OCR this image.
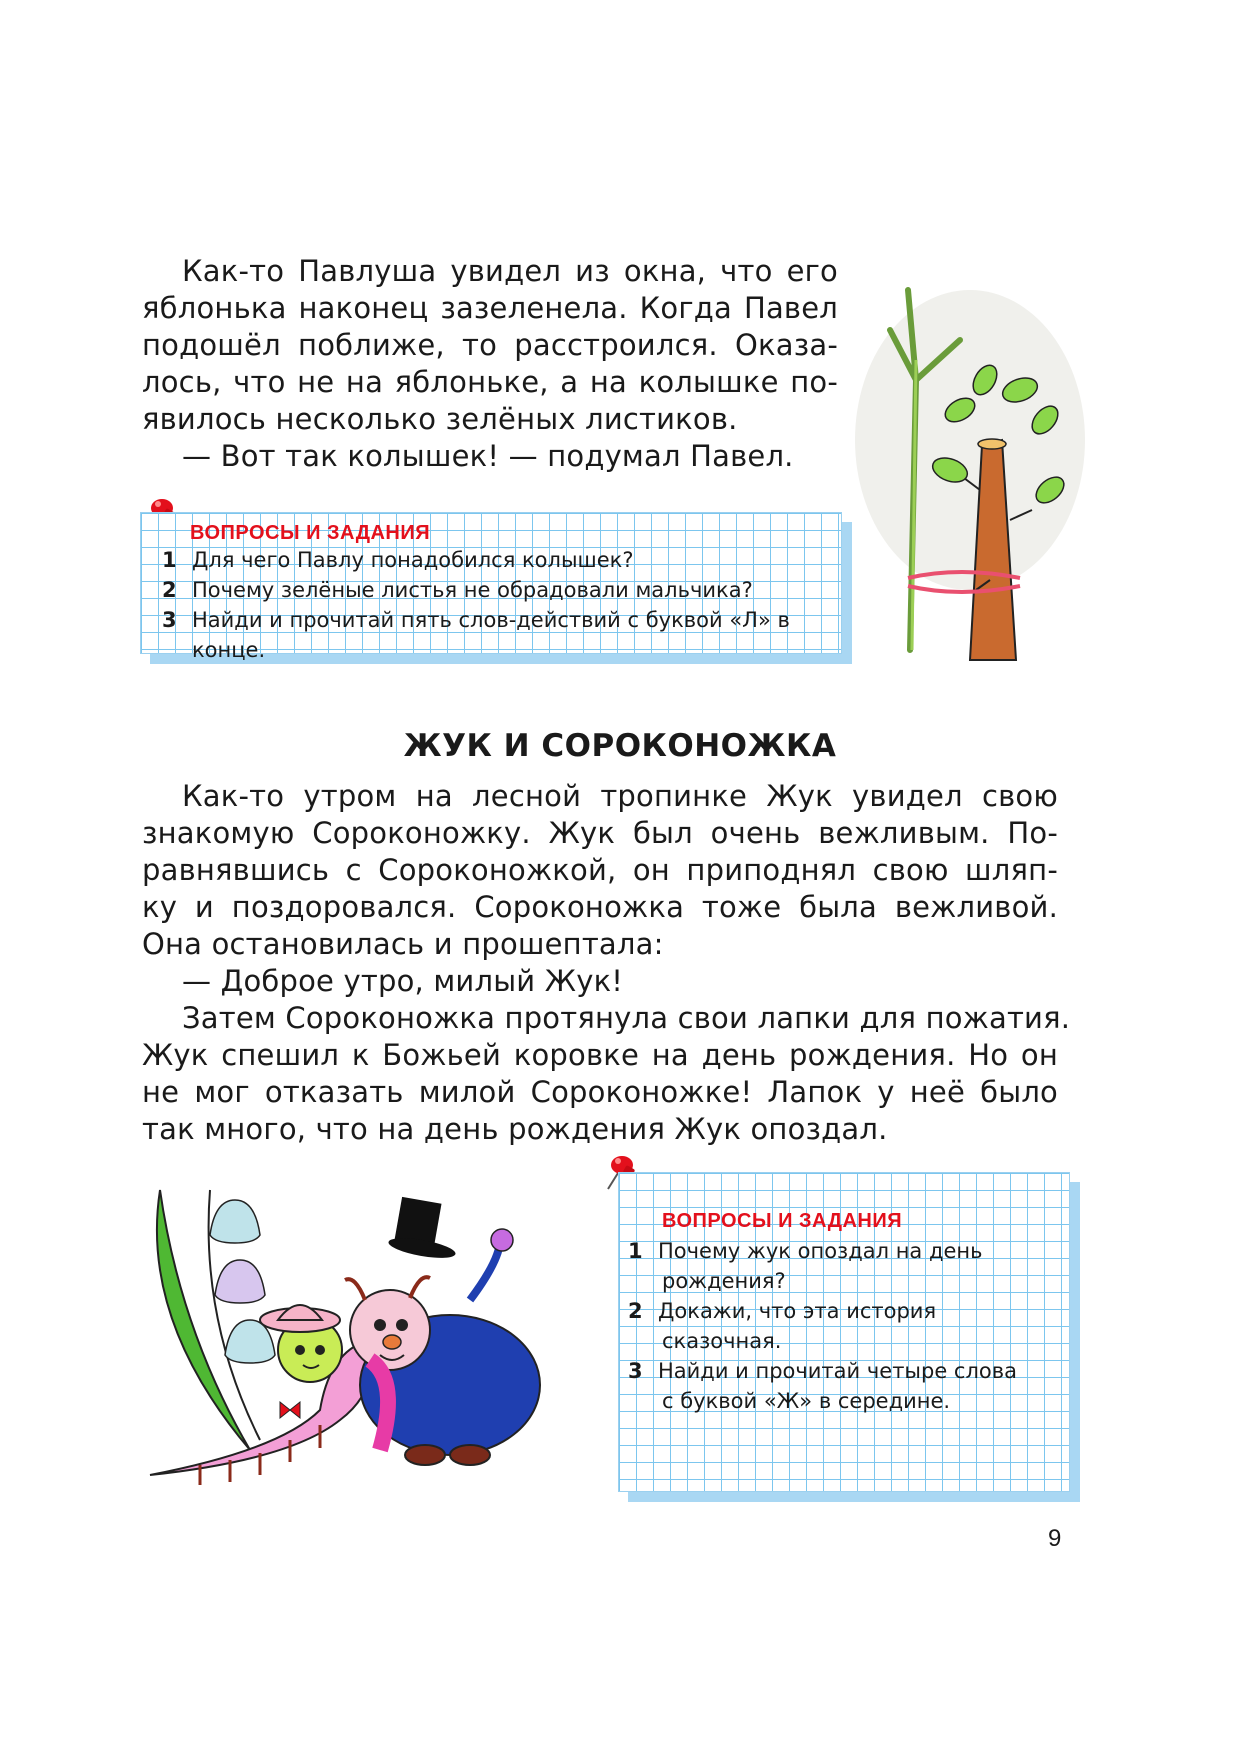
Как-то Павлуша увидел из окна, что его
яблонька наконец зазеленела. Когда Павел
подошёл поближе, то расстроился. Оказа-
лось, что не на яблоньке, а на колышке по-
явилось несколько зелёных листиков.
— Вот так колышек! — подумал Павел.

ВОПРОСЫ И ЗАДАНИЯ

1 Для чего Павлу понадобился колышек?
2 Почему зелёные листья не обрадовали мальчика?
3 Найди и прочитай пять слов-действий с буквой «Л» в конце.

ЖУК И СОРОКОНОЖКА

Как-то утром на лесной тропинке Жук увидел свою
знакомую Сороконожку. Жук был очень вежливым. По-
равнявшись с Сороконожкой, он приподнял свою шляп-
ку и поздоровался. Сороконожка тоже была вежливой.
Она остановилась и прошептала:
— Доброе утро, милый Жук!
Затем Сороконожка протянула свои лапки для пожатия.
Жук спешил к Божьей коровке на день рождения. Но он
не мог отказать милой Сороконожке! Лапок у неё было
так много, что на день рождения Жук опоздал.

ВОПРОСЫ И ЗАДАНИЯ

1 Почему жук опоздал на день
рождения?
2 Докажи, что эта история
сказочная.
3 Найди и прочитай четыре слова
с буквой «Ж» в середине.
9
